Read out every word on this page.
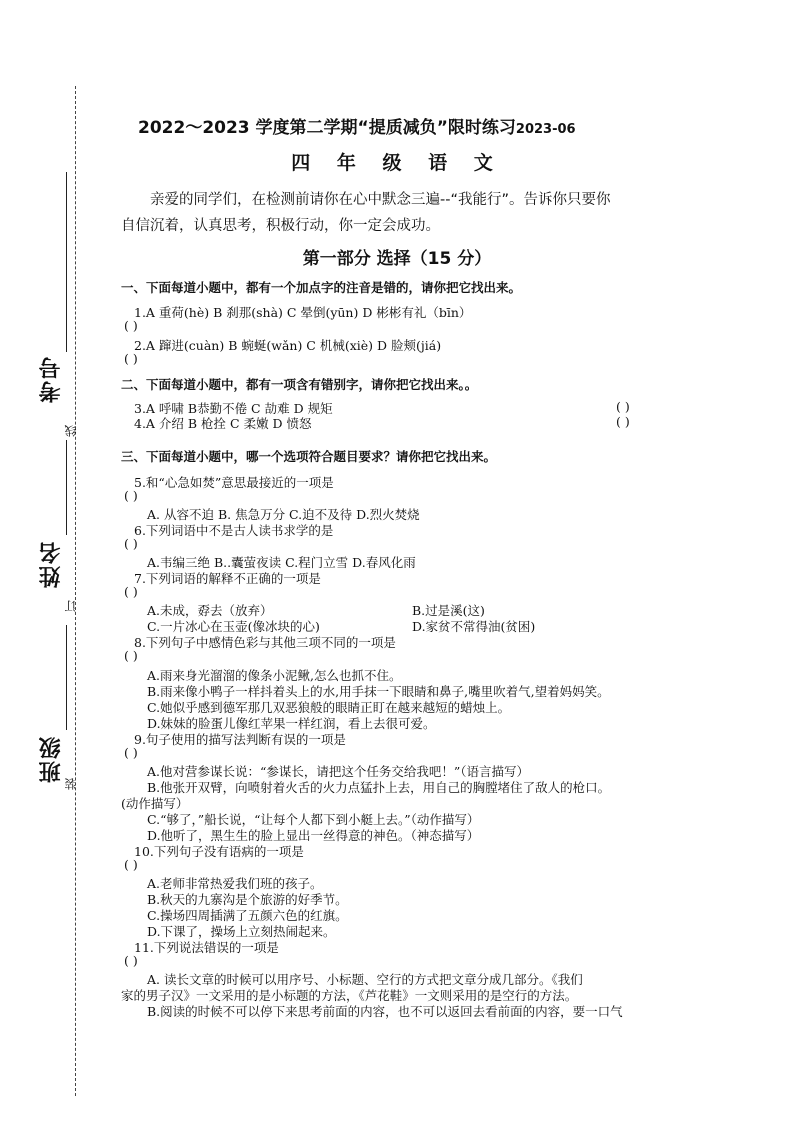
考号
线
姓名
订
班级
装
2022～2023 学度第二学期“提质减负”限时练习2023-06
四 年 级 语 文
亲爱的同学们，在检测前请你在心中默念三遍--“我能行”。告诉你只要你
自信沉着，认真思考，积极行动，你一定会成功。
第一部分 选择（15 分）
一、下面每道小题中，都有一个加点字的注音是错的，请你把它找出来。
1.A 重荷(hè) B 刹那(shà) C 晕倒(yūn) D 彬彬有礼（bīn）
( )
2.A 蹿进(cuàn) B 蜿蜒(wǎn) C 机械(xiè) D 脸颊(jiá)
( )
二、下面每道小题中，都有一项含有错别字，请你把它找出来。。
3.A 呼啸 B恭勤不倦 C 劼难 D 规矩	( )
4.A 介绍 B 枪拴 C 柔嫩 D 愤怒	( )
三、下面每道小题中，哪一个选项符合题目要求？请你把它找出来。
5.和“心急如焚”意思最接近的一项是
( )
A. 从容不迫 B. 焦急万分 C.迫不及待 D.烈火焚烧
6.下列词语中不是古人读书求学的是
( )
A.韦编三绝 B..囊萤夜读 C.程门立雪 D.春风化雨
7.下列词语的解释不正确的一项是
( )
A.未成，孬去（放弃）	B.过是溪(这)
C.一片冰心在玉壶(像冰块的心)	D.家贫不常得油(贫困)
8.下列句子中感情色彩与其他三项不同的一项是
( )
A.雨来身光溜溜的像条小泥鳅,怎么也抓不住。
B.雨来像小鸭子一样抖着头上的水,用手抹一下眼睛和鼻子,嘴里吹着气,望着妈妈笑。
C.她似乎感到德军那几双恶狼般的眼睛正盯在越来越短的蜡烛上。
D.妹妹的脸蛋儿像红苹果一样红润，看上去很可爱。
9.句子使用的描写法判断有误的一项是
( )
A.他对营参谋长说：“参谋长，请把这个任务交给我吧！”（语言描写）
B.他张开双臂，向喷射着火舌的火力点猛扑上去，用自己的胸膛堵住了敌人的枪口。
(动作描写）
C.“够了，”船长说，“让每个人都下到小艇上去。”（动作描写）
D.他听了，黑生生的脸上显出一丝得意的神色。（神态描写）
10.下列句子没有语病的一项是
( )
A.老师非常热爱我们班的孩子。
B.秋天的九寨沟是个旅游的好季节。
C.操场四周插满了五颜六色的红旗。
D.下课了，操场上立刻热闹起来。
11.下列说法错误的一项是
( )
A. 读长文章的时候可以用序号、小标题、空行的方式把文章分成几部分。《我们
家的男子汉》一文采用的是小标题的方法，《芦花鞋》一文则采用的是空行的方法。
B.阅读的时候不可以停下来思考前面的内容，也不可以返回去看前面的内容，要一口气
